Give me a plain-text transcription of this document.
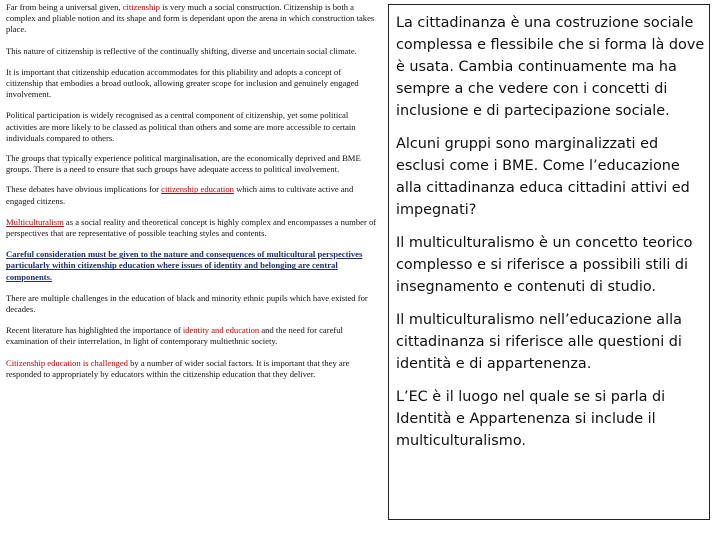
Far from being a universal given, citizenship is very much a social construction. Citizenship is both a complex and pliable notion and its shape and form is dependant upon the arena in which construction takes place.

This nature of citizenship is reflective of the continually shifting, diverse and uncertain social climate.

It is important that citizenship education accommodates for this pliability and adopts a concept of citizenship that embodies a broad outlook, allowing greater scope for inclusion and genuinely engaged involvement.

Political participation is widely recognised as a central component of citizenship, yet some political activities are more likely to be classed as political than others and some are more accessible to certain individuals compared to others.

The groups that typically experience political marginalisation, are the economically deprived and BME groups. There is a need to ensure that such groups have adequate access to political involvement.

These debates have obvious implications for citizenship education which aims to cultivate active and engaged citizens.

Multiculturalism as a social reality and theoretical concept is highly complex and encompasses a number of perspectives that are representative of possible teaching styles and contents.

Careful consideration must be given to the nature and consequences of multicultural perspectives particularly within citizenship education where issues of identity and belonging are central components.

There are multiple challenges in the education of black and minority ethnic pupils which have existed for decades.

Recent literature has highlighted the importance of identity and education and the need for careful examination of their interrelation, in light of contemporary multiethnic society.

Citizenship education is challenged by a number of wider social factors. It is important that they are responded to appropriately by educators within the citizenship education that they deliver.

La cittadinanza è una costruzione sociale complessa e flessibile che si forma là dove è usata. Cambia continuamente ma ha sempre a che vedere con i concetti di inclusione e di partecipazione sociale.

Alcuni gruppi sono marginalizzati ed esclusi come i BME. Come l’educazione alla cittadinanza educa cittadini attivi ed impegnati?

Il multiculturalismo è un concetto teorico complesso e si riferisce a possibili stili di insegnamento e contenuti di studio.

Il multiculturalismo nell’educazione alla cittadinanza si riferisce alle questioni di identità e di appartenenza.

L’EC è il luogo nel quale se si parla di Identità e Appartenenza si include il multiculturalismo.
